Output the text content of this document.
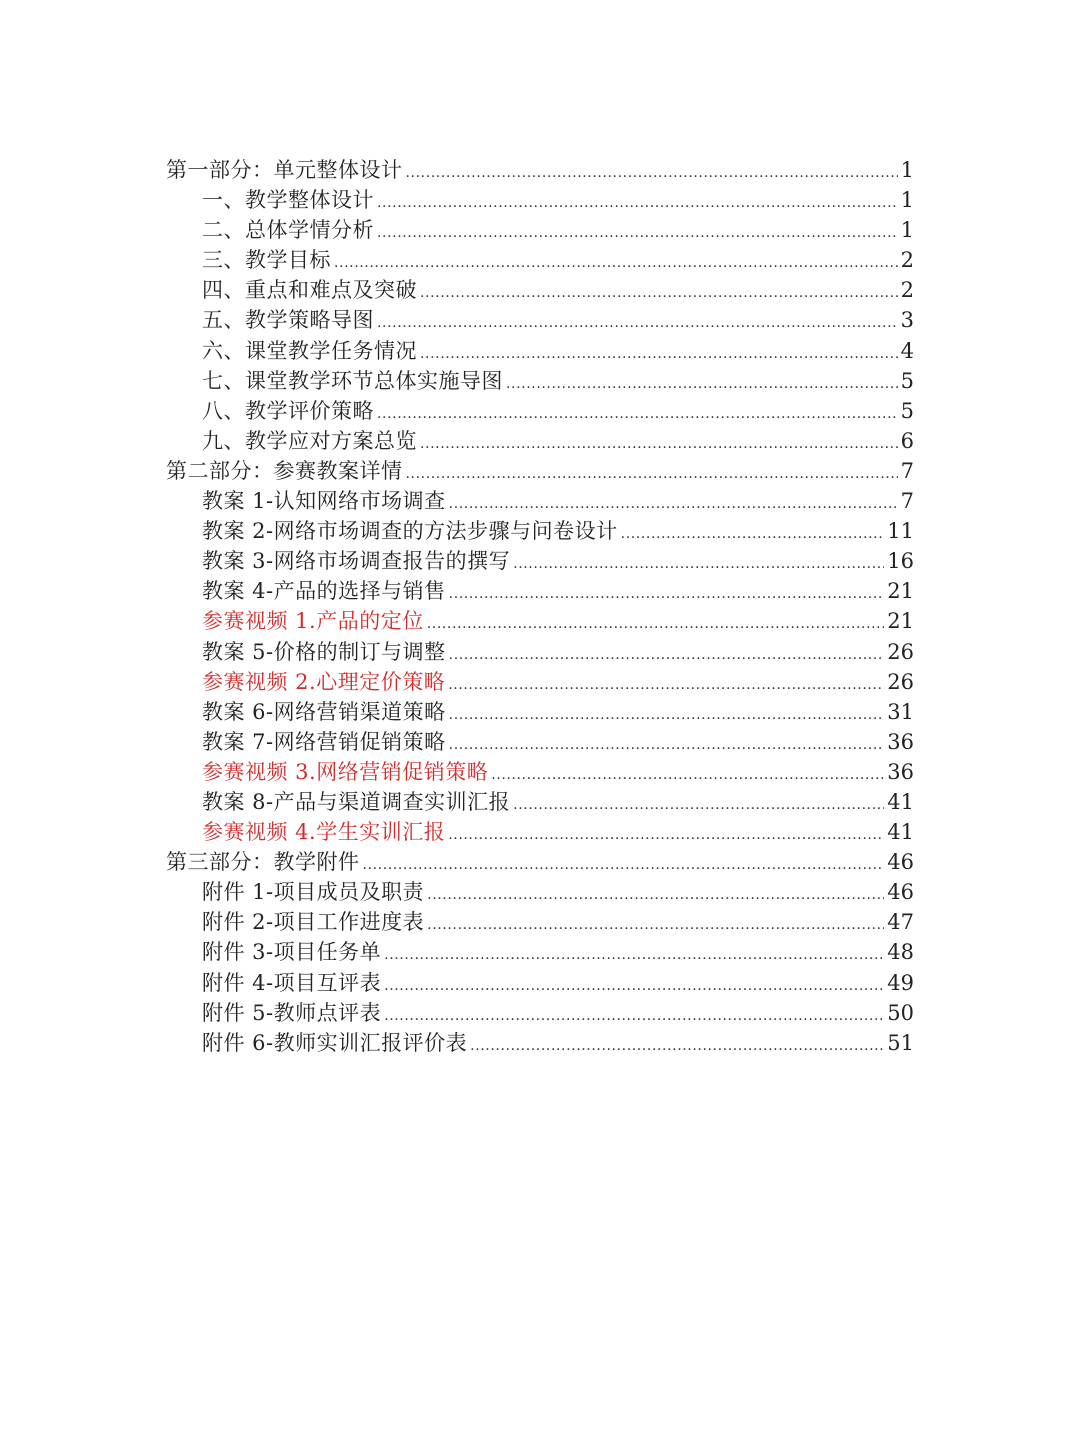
第一部分：单元整体设计 .....	1
一、教学整体设计 .....	1
二、总体学情分析 .....	1
三、教学目标 .....	2
四、重点和难点及突破 .....	2
五、教学策略导图 .....	3
六、课堂教学任务情况 .....	4
七、课堂教学环节总体实施导图 .....	5
八、教学评价策略 .....	5
九、教学应对方案总览 .....	6
第二部分：参赛教案详情 .....	7
教案 1-认知网络市场调查 .....	7
教案 2-网络市场调查的方法步骤与问卷设计 .....	11
教案 3-网络市场调查报告的撰写 .....	16
教案 4-产品的选择与销售 .....	21
参赛视频 1.产品的定位 .....	21
教案 5-价格的制订与调整 .....	26
参赛视频 2.心理定价策略 .....	26
教案 6-网络营销渠道策略 .....	31
教案 7-网络营销促销策略 .....	36
参赛视频 3.网络营销促销策略 .....	36
教案 8-产品与渠道调查实训汇报 .....	41
参赛视频 4.学生实训汇报 .....	41
第三部分：教学附件 .....	46
附件 1-项目成员及职责 .....	46
附件 2-项目工作进度表 .....	47
附件 3-项目任务单 .....	48
附件 4-项目互评表 .....	49
附件 5-教师点评表 .....	50
附件 6-教师实训汇报评价表 .....	51
